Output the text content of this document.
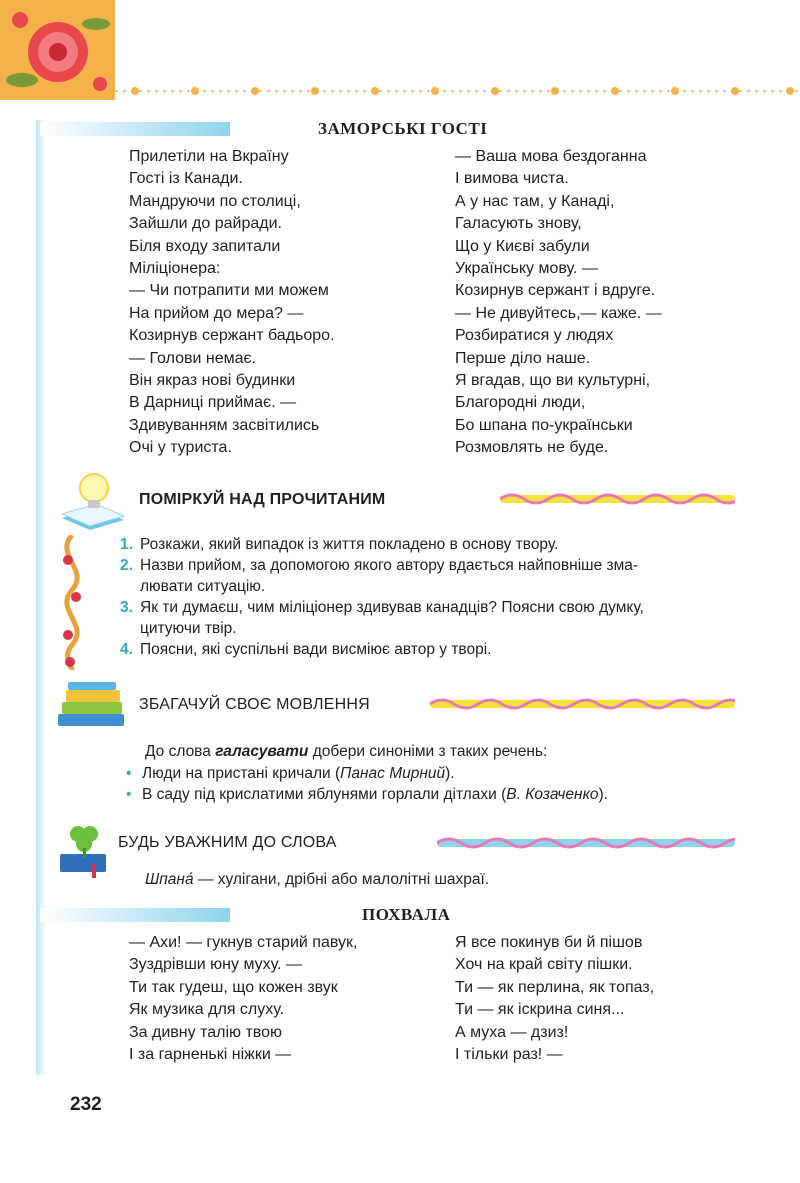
ЗАМОРСЬКІ ГОСТІ
Прилетіли на Вкраїну
Гості із Канади.
Мандруючи по столиці,
Зайшли до райради.
Біля входу запитали
Міліціонера:
— Чи потрапити ми можем
На прийом до мера? —
Козирнув сержант бадьоро.
— Голови немає.
Він якраз нові будинки
В Дарниці приймає. —
Здивуванням засвітились
Очі у туриста.
— Ваша мова бездоганна
І вимова чиста.
А у нас там, у Канаді,
Галасують знову,
Що у Києві забули
Українську мову. —
Козирнув сержант і вдруге.
— Не дивуйтесь,— каже. —
Розбиратися у людях
Перше діло наше.
Я вгадав, що ви культурні,
Благородні люди,
Бо шпана по-українськи
Розмовлять не буде.
ПОМІРКУЙ НАД ПРОЧИТАНИМ
1. Розкажи, який випадок із життя покладено в основу твору.
2. Назви прийом, за допомогою якого автору вдається найповніше зма-
лювати ситуацію.
3. Як ти думаєш, чим міліціонер здивував канадців? Поясни свою думку,
цитуючи твір.
4. Поясни, які суспільні вади висміює автор у творі.
ЗБАГАЧУЙ СВОЄ МОВЛЕННЯ
До слова галасувати добери синоніми з таких речень:
• Люди на пристані кричали (Панас Мирний).
• В саду під крислатими яблунями горлали дітлахи (В. Козаченко).
БУДЬ УВАЖНИМ ДО СЛОВА
Шпана́ — хулігани, дрібні або малолітні шахраї.
ПОХВАЛА
— Ахи! — гукнув старий павук,
Зуздрівши юну муху. —
Ти так гудеш, що кожен звук
Як музика для слуху.
За дивну талію твою
І за гарненькі ніжки —
Я все покинув би й пішов
Хоч на край світу пішки.
Ти — як перлина, як топаз,
Ти — як іскрина синя...
А муха — дзиз!
І тільки раз! —
232
